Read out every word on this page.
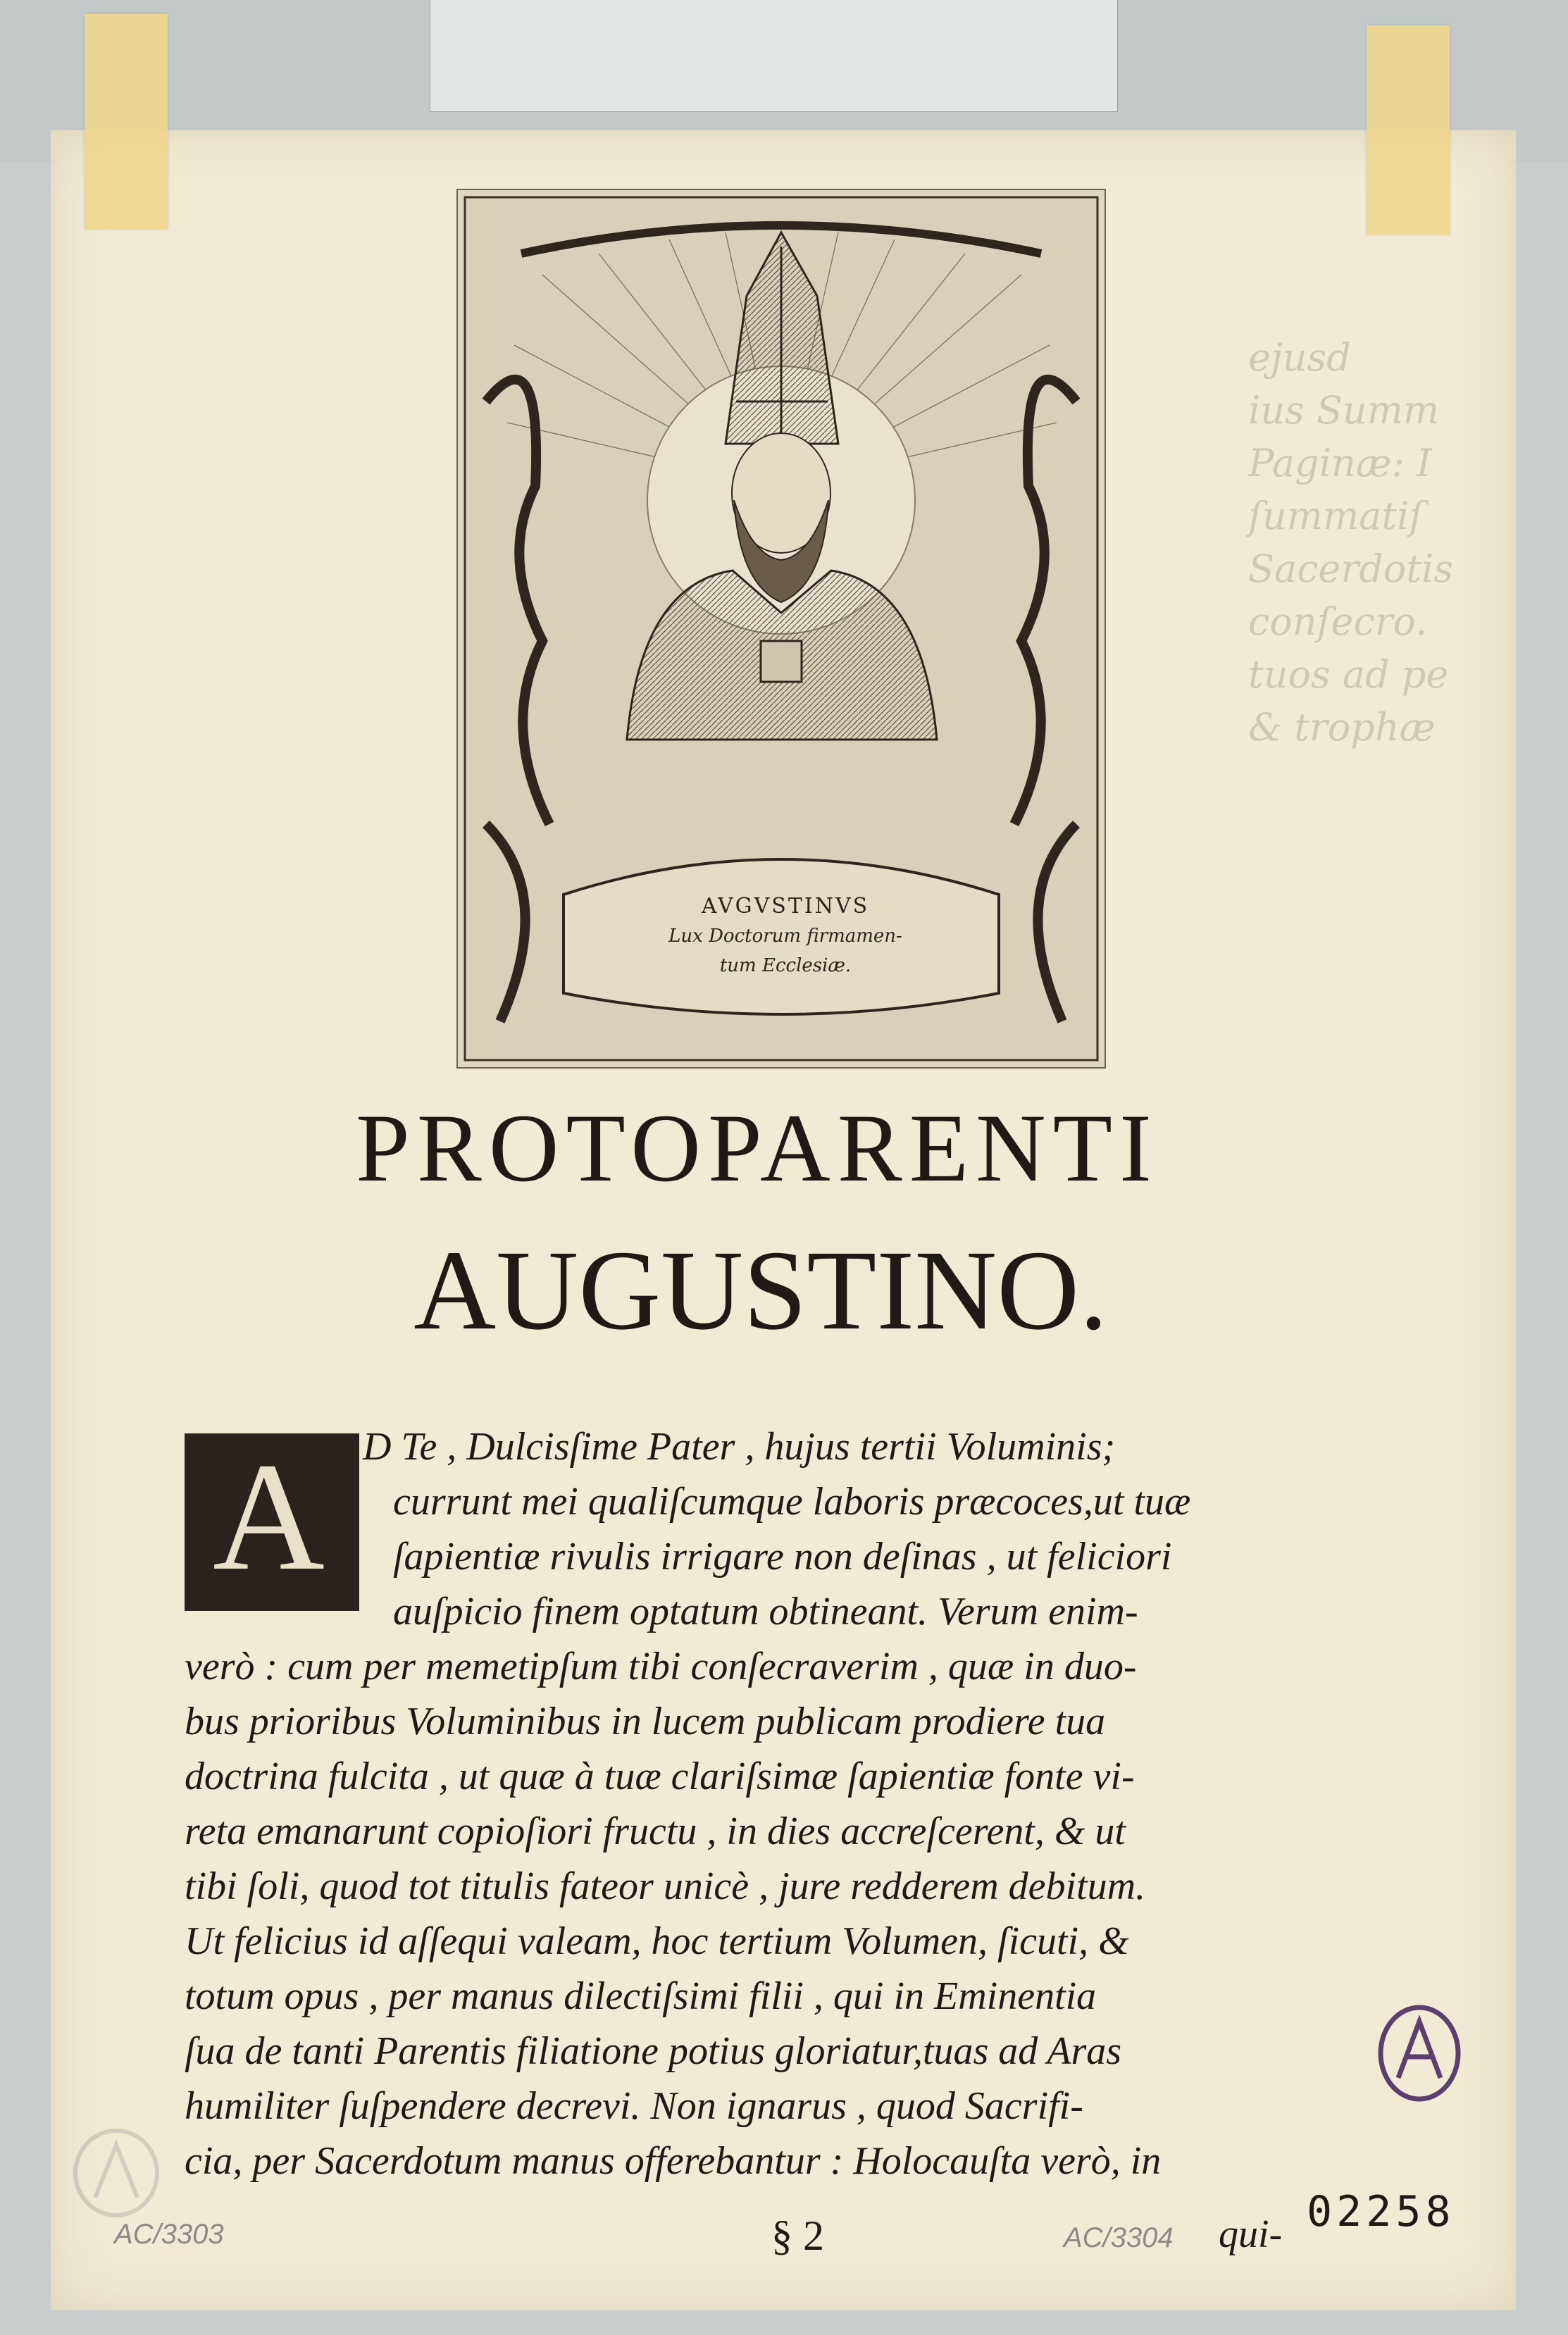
ejusd
ius Summ
Paginæ: I
ſummatiſ
Sacerdotis
conſecro.
tuos ad pe
& trophæ
AVGVSTINVS
Lux Doctorum firmamen-
tum Ecclesiæ.
PROTOPARENTI
AUGUSTINO.
A D Te , Dulcisſime Pater , hujus tertii Voluminis;
currunt mei qualiſcumque laboris præcoces,ut tuæ
ſapientiæ rivulis irrigare non deſinas , ut feliciori
auſpicio finem optatum obtineant. Verum enim-
verò : cum per memetipſum tibi conſecraverim , quæ in duo-
bus prioribus Voluminibus in lucem publicam prodiere tua
doctrina fulcita , ut quæ à tuæ clariſsimæ ſapientiæ fonte vi-
reta emanarunt copioſiori fructu , in dies accreſcerent, & ut
tibi ſoli, quod tot titulis fateor unicè , jure redderem debitum.
Ut felicius id aſſequi valeam, hoc tertium Volumen, ſicuti, &
totum opus , per manus dilectiſsimi filii , qui in Eminentia
ſua de tanti Parentis filiatione potius gloriatur,tuas ad Aras
humiliter ſuſpendere decrevi. Non ignarus , quod Sacrifi-
cia, per Sacerdotum manus offerebantur : Holocauſta verò, in
§ 2	qui- 02258
AC/3303	AC/3304
